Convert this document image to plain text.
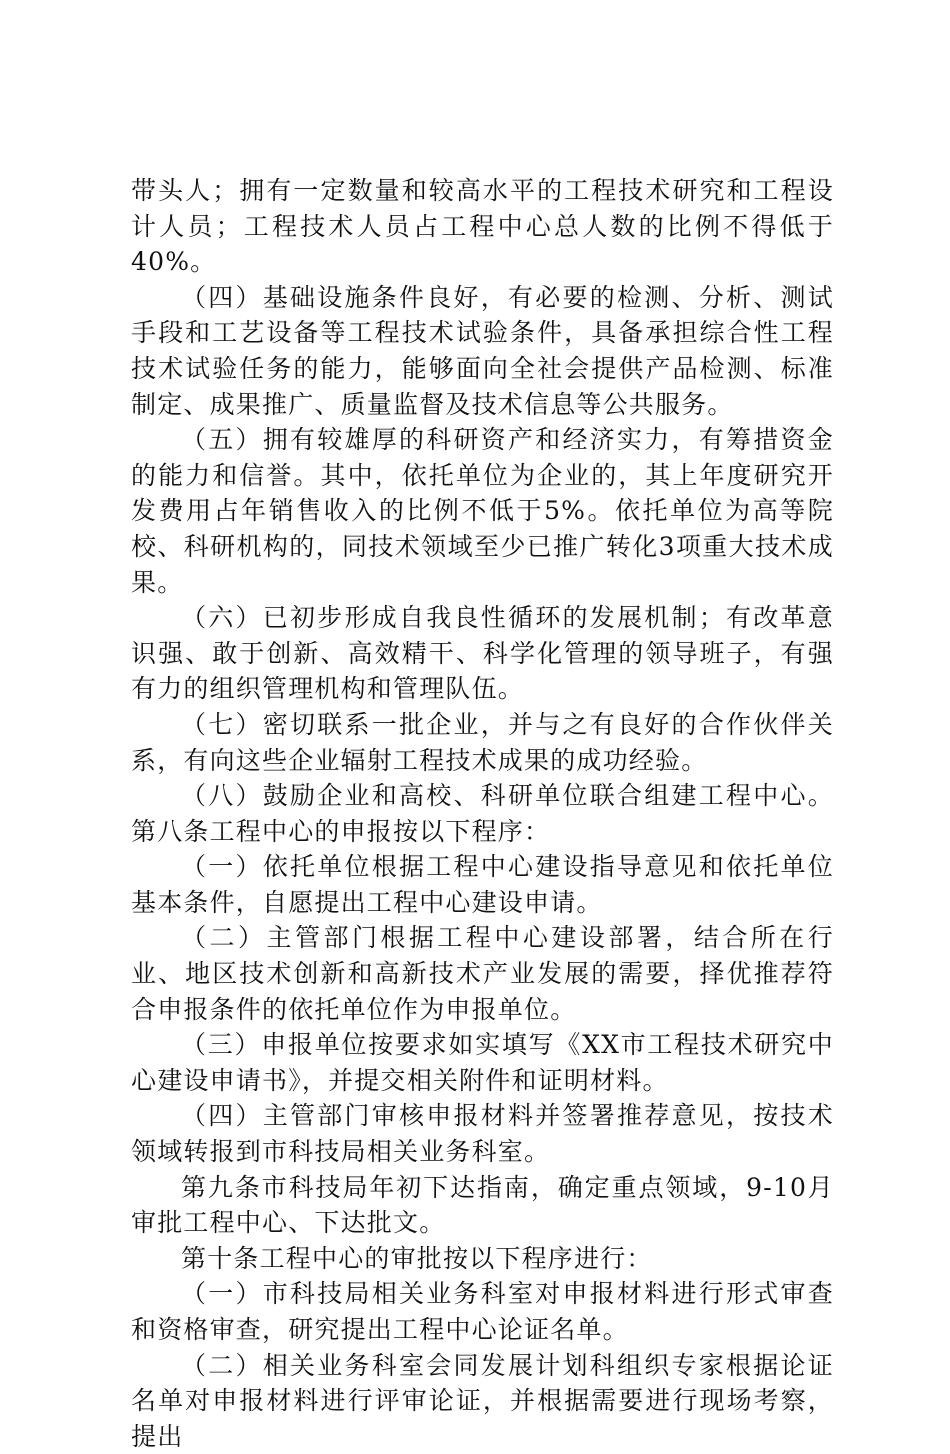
带头人；拥有一定数量和较高水平的工程技术研究和工程设计人员；工程技术人员占工程中心总人数的比例不得低于40%。

（四）基础设施条件良好，有必要的检测、分析、测试手段和工艺设备等工程技术试验条件，具备承担综合性工程技术试验任务的能力，能够面向全社会提供产品检测、标准制定、成果推广、质量监督及技术信息等公共服务。

（五）拥有较雄厚的科研资产和经济实力，有筹措资金的能力和信誉。其中，依托单位为企业的，其上年度研究开发费用占年销售收入的比例不低于5%。依托单位为高等院校、科研机构的，同技术领域至少已推广转化3项重大技术成果。

（六）已初步形成自我良性循环的发展机制；有改革意识强、敢于创新、高效精干、科学化管理的领导班子，有强有力的组织管理机构和管理队伍。

（七）密切联系一批企业，并与之有良好的合作伙伴关系，有向这些企业辐射工程技术成果的成功经验。

（八）鼓励企业和高校、科研单位联合组建工程中心。第八条工程中心的申报按以下程序：

（一）依托单位根据工程中心建设指导意见和依托单位基本条件，自愿提出工程中心建设申请。

（二）主管部门根据工程中心建设部署，结合所在行业、地区技术创新和高新技术产业发展的需要，择优推荐符合申报条件的依托单位作为申报单位。

（三）申报单位按要求如实填写《XX市工程技术研究中心建设申请书》，并提交相关附件和证明材料。

（四）主管部门审核申报材料并签署推荐意见，按技术领域转报到市科技局相关业务科室。

第九条市科技局年初下达指南，确定重点领域，9-10月审批工程中心、下达批文。

第十条工程中心的审批按以下程序进行：

（一）市科技局相关业务科室对申报材料进行形式审查和资格审查，研究提出工程中心论证名单。

（二）相关业务科室会同发展计划科组织专家根据论证名单对申报材料进行评审论证，并根据需要进行现场考察，提出
